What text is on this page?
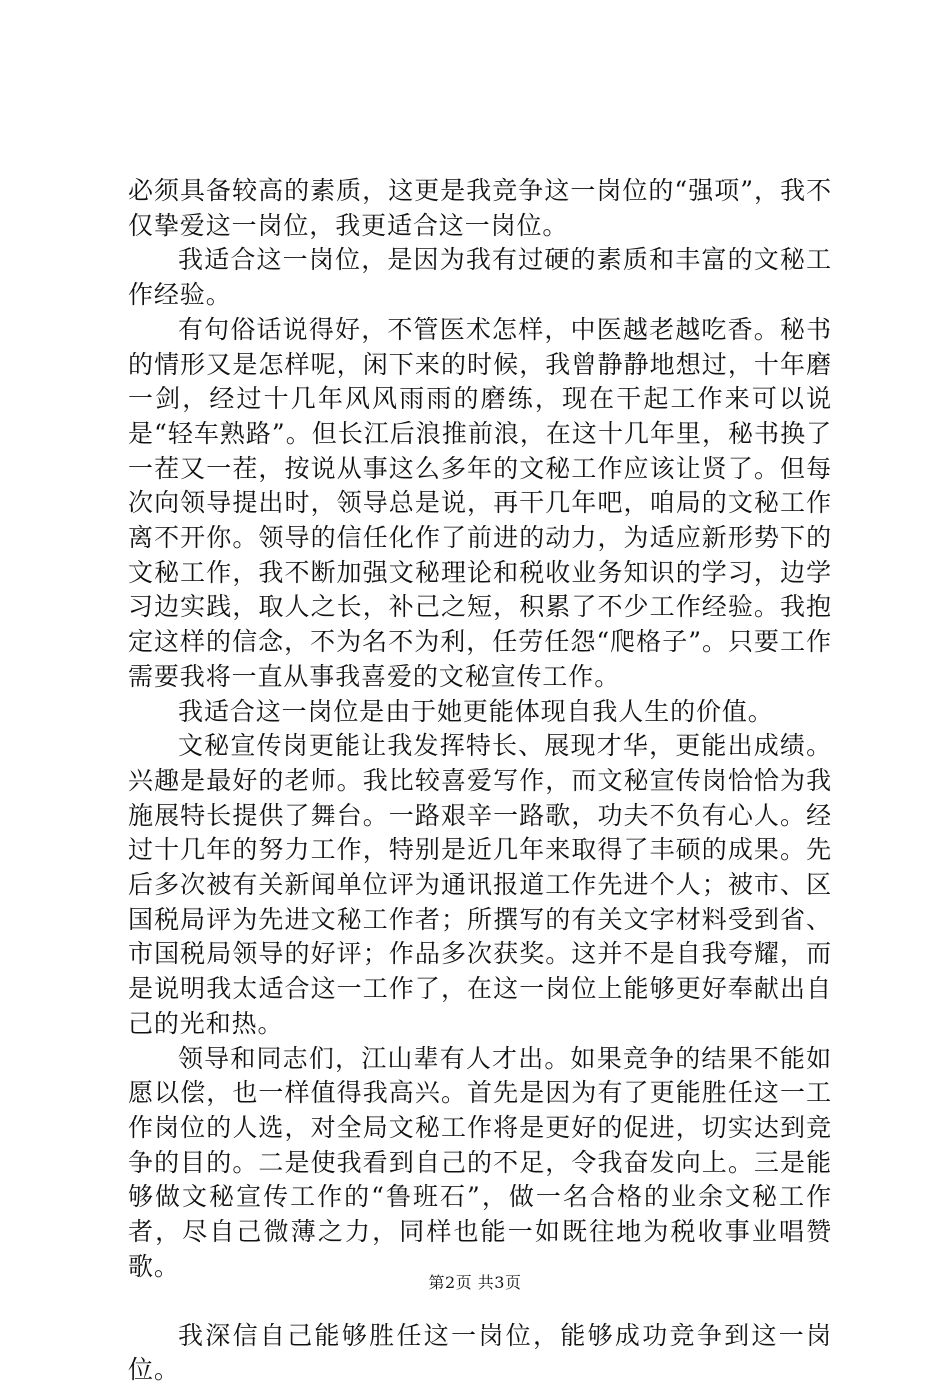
必须具备较高的素质，这更是我竞争这一岗位的“强项”，我不仅挚爱这一岗位，我更适合这一岗位。

我适合这一岗位，是因为我有过硬的素质和丰富的文秘工作经验。

有句俗话说得好，不管医术怎样，中医越老越吃香。秘书的情形又是怎样呢，闲下来的时候，我曾静静地想过，十年磨一剑，经过十几年风风雨雨的磨练，现在干起工作来可以说是“轻车熟路”。但长江后浪推前浪，在这十几年里，秘书换了一茬又一茬，按说从事这么多年的文秘工作应该让贤了。但每次向领导提出时，领导总是说，再干几年吧，咱局的文秘工作离不开你。领导的信任化作了前进的动力，为适应新形势下的文秘工作，我不断加强文秘理论和税收业务知识的学习，边学习边实践，取人之长，补己之短，积累了不少工作经验。我抱定这样的信念，不为名不为利，任劳任怨“爬格子”。只要工作需要我将一直从事我喜爱的文秘宣传工作。

我适合这一岗位是由于她更能体现自我人生的价值。

文秘宣传岗更能让我发挥特长、展现才华，更能出成绩。兴趣是最好的老师。我比较喜爱写作，而文秘宣传岗恰恰为我施展特长提供了舞台。一路艰辛一路歌，功夫不负有心人。经过十几年的努力工作，特别是近几年来取得了丰硕的成果。先后多次被有关新闻单位评为通讯报道工作先进个人；被市、区国税局评为先进文秘工作者；所撰写的有关文字材料受到省、市国税局领导的好评；作品多次获奖。这并不是自我夸耀，而是说明我太适合这一工作了，在这一岗位上能够更好奉献出自己的光和热。

领导和同志们，江山辈有人才出。如果竞争的结果不能如愿以偿，也一样值得我高兴。首先是因为有了更能胜任这一工作岗位的人选，对全局文秘工作将是更好的促进，切实达到竞争的目的。二是使我看到自己的不足，令我奋发向上。三是能够做文秘宣传工作的“鲁班石”，做一名合格的业余文秘工作者，尽自己微薄之力，同样也能一如既往地为税收事业唱赞歌。

我深信自己能够胜任这一岗位，能够成功竞争到这一岗位。

第2页 共3页
